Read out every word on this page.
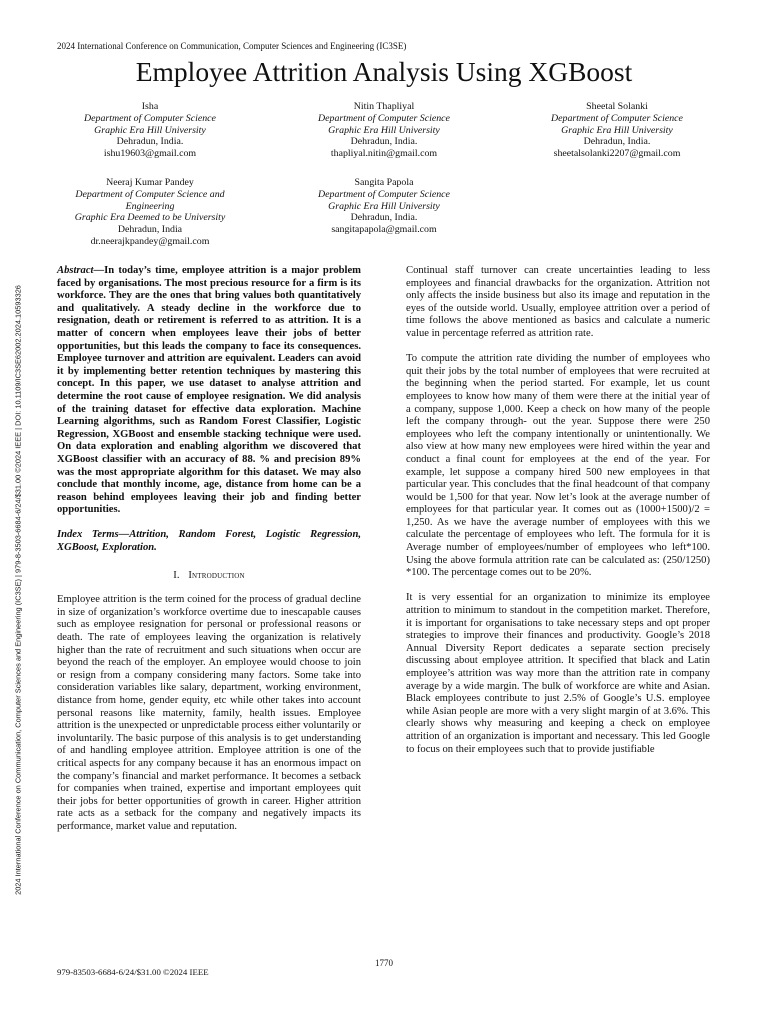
2024 International Conference on Communication, Computer Sciences and Engineering (IC3SE)
Employee Attrition Analysis Using XGBoost
Isha
Department of Computer Science
Graphic Era Hill University
Dehradun, India.
ishu19603@gmail.com
Nitin Thapliyal
Department of Computer Science
Graphic Era Hill University
Dehradun, India.
thapliyal.nitin@gmail.com
Sheetal Solanki
Department of Computer Science
Graphic Era Hill University
Dehradun, India.
sheetalsolanki2207@gmail.com
Neeraj Kumar Pandey
Department of Computer Science and Engineering
Graphic Era Deemed to be University
Dehradun, India
dr.neerajkpandey@gmail.com
Sangita Papola
Department of Computer Science
Graphic Era Hill University
Dehradun, India.
sangitapapola@gmail.com
2024 International Conference on Communication, Computer Sciences and Engineering (IC3SE) | 979-8-3503-6684-6/24/$31.00 ©2024 IEEE | DOI: 10.1109/IC3SE62002.2024.10593326

Abstract—In today’s time, employee attrition is a major problem faced by organisations. The most precious resource for a firm is its workforce. They are the ones that bring values both quantitatively and qualitatively. A steady decline in the workforce due to resignation, death or retirement is referred to as attrition. It is a matter of concern when employees leave their jobs of better opportunities, but this leads the company to face its consequences. Employee turnover and attrition are equivalent. Leaders can avoid it by implementing better retention techniques by mastering this concept. In this paper, we use dataset to analyse attrition and determine the root cause of employee resignation. We did analysis of the training dataset for effective data exploration. Machine Learning algorithms, such as Random Forest Classifier, Logistic Regression, XGBoost and ensemble stacking technique were used. On data exploration and enabling algorithm we discovered that XGBoost classifier with an accuracy of 88. % and precision 89% was the most appropriate algorithm for this dataset. We may also conclude that monthly income, age, distance from home can be a reason behind employees leaving their job and finding better opportunities.

Index Terms—Attrition, Random Forest, Logistic Regression, XGBoost, Exploration.

I. Introduction

Employee attrition is the term coined for the process of gradual decline in size of organization’s workforce overtime due to inescapable causes such as employee resignation for personal or professional reasons or death. The rate of employees leaving the organization is relatively higher than the rate of recruitment and such situations when occur are beyond the reach of the employer. An employee would choose to join or resign from a company considering many factors. Some take into consideration variables like salary, department, working environment, distance from home, gender equity, etc while other takes into account personal reasons like maternity, family, health issues. Employee attrition is the unexpected or unpredictable process either voluntarily or involuntarily. The basic purpose of this analysis is to get understanding of and handling employee attrition. Employee attrition is one of the critical aspects for any company because it has an enormous impact on the company’s financial and market performance. It becomes a setback for companies when trained, expertise and important employees quit their jobs for better opportunities of growth in career. Higher attrition rate acts as a setback for the company and negatively impacts its performance, market value and reputation.

Continual staff turnover can create uncertainties leading to less employees and financial drawbacks for the organization. Attrition not only affects the inside business but also its image and reputation in the eyes of the outside world. Usually, employee attrition over a period of time follows the above mentioned as basics and calculate a numeric value in percentage referred as attrition rate.

To compute the attrition rate dividing the number of employees who quit their jobs by the total number of employees that were recruited at the beginning when the period started. For example, let us count employees to know how many of them were there at the initial year of a company, suppose 1,000. Keep a check on how many of the people left the company through- out the year. Suppose there were 250 employees who left the company intentionally or unintentionally. We also view at how many new employees were hired within the year and conduct a final count for employees at the end of the year. For example, let suppose a company hired 500 new employees in that particular year. This concludes that the final headcount of that company would be 1,500 for that year. Now let’s look at the average number of employees for that particular year. It comes out as (1000+1500)/2 = 1,250. As we have the average number of employees with this we calculate the percentage of employees who left. The formula for it is Average number of employees/number of employees who left*100. Using the above formula attrition rate can be calculated as: (250/1250) *100. The percentage comes out to be 20%.

It is very essential for an organization to minimize its employee attrition to minimum to standout in the competition market. Therefore, it is important for organisations to take necessary steps and opt proper strategies to improve their finances and productivity. Google’s 2018 Annual Diversity Report dedicates a separate section precisely discussing about employee attrition. It specified that black and Latin employee’s attrition was way more than the attrition rate in company average by a wide margin. The bulk of workforce are white and Asian. Black employees contribute to just 2.5% of Google’s U.S. employee while Asian people are more with a very slight margin of at 3.6%. This clearly shows why measuring and keeping a check on employee attrition of an organization is important and necessary. This led Google to focus on their employees such that to provide justifiable

1770
979-83503-6684-6/24/$31.00 ©2024 IEEE
